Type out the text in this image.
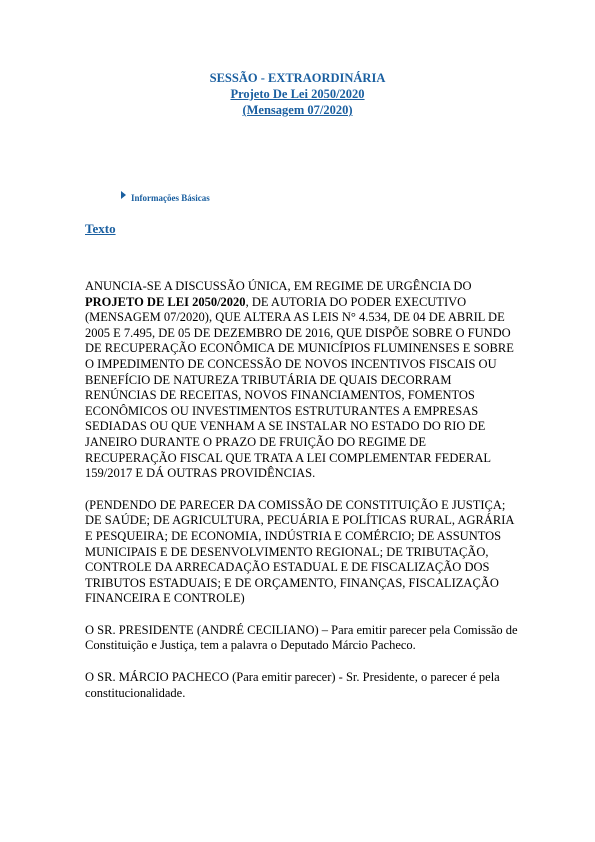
SESSÃO - EXTRAORDINÁRIA
Projeto De Lei 2050/2020
(Mensagem 07/2020)
Informações Básicas
Texto

ANUNCIA-SE A DISCUSSÃO ÚNICA, EM REGIME DE URGÊNCIA DO PROJETO DE LEI 2050/2020, DE AUTORIA DO PODER EXECUTIVO (MENSAGEM 07/2020), QUE ALTERA AS LEIS N° 4.534, DE 04 DE ABRIL DE 2005 E 7.495, DE 05 DE DEZEMBRO DE 2016, QUE DISPÕE SOBRE O FUNDO DE RECUPERAÇÃO ECONÔMICA DE MUNICÍPIOS FLUMINENSES E SOBRE O IMPEDIMENTO DE CONCESSÃO DE NOVOS INCENTIVOS FISCAIS OU BENEFÍCIO DE NATUREZA TRIBUTÁRIA DE QUAIS DECORRAM RENÚNCIAS DE RECEITAS, NOVOS FINANCIAMENTOS, FOMENTOS ECONÔMICOS OU INVESTIMENTOS ESTRUTURANTES A EMPRESAS SEDIADAS OU QUE VENHAM A SE INSTALAR NO ESTADO DO RIO DE JANEIRO DURANTE O PRAZO DE FRUIÇÃO DO REGIME DE RECUPERAÇÃO FISCAL QUE TRATA A LEI COMPLEMENTAR FEDERAL 159/2017 E DÁ OUTRAS PROVIDÊNCIAS.

(PENDENDO DE PARECER DA COMISSÃO DE CONSTITUIÇÃO E JUSTIÇA; DE SAÚDE; DE AGRICULTURA, PECUÁRIA E POLÍTICAS RURAL, AGRÁRIA E PESQUEIRA; DE ECONOMIA, INDÚSTRIA E COMÉRCIO; DE ASSUNTOS MUNICIPAIS E DE DESENVOLVIMENTO REGIONAL; DE TRIBUTAÇÃO, CONTROLE DA ARRECADAÇÃO ESTADUAL E DE FISCALIZAÇÃO DOS TRIBUTOS ESTADUAIS; E DE ORÇAMENTO, FINANÇAS, FISCALIZAÇÃO FINANCEIRA E CONTROLE)

O SR. PRESIDENTE (ANDRÉ CECILIANO) – Para emitir parecer pela Comissão de Constituição e Justiça, tem a palavra o Deputado Márcio Pacheco.

O SR. MÁRCIO PACHECO (Para emitir parecer) - Sr. Presidente, o parecer é pela constitucionalidade.
